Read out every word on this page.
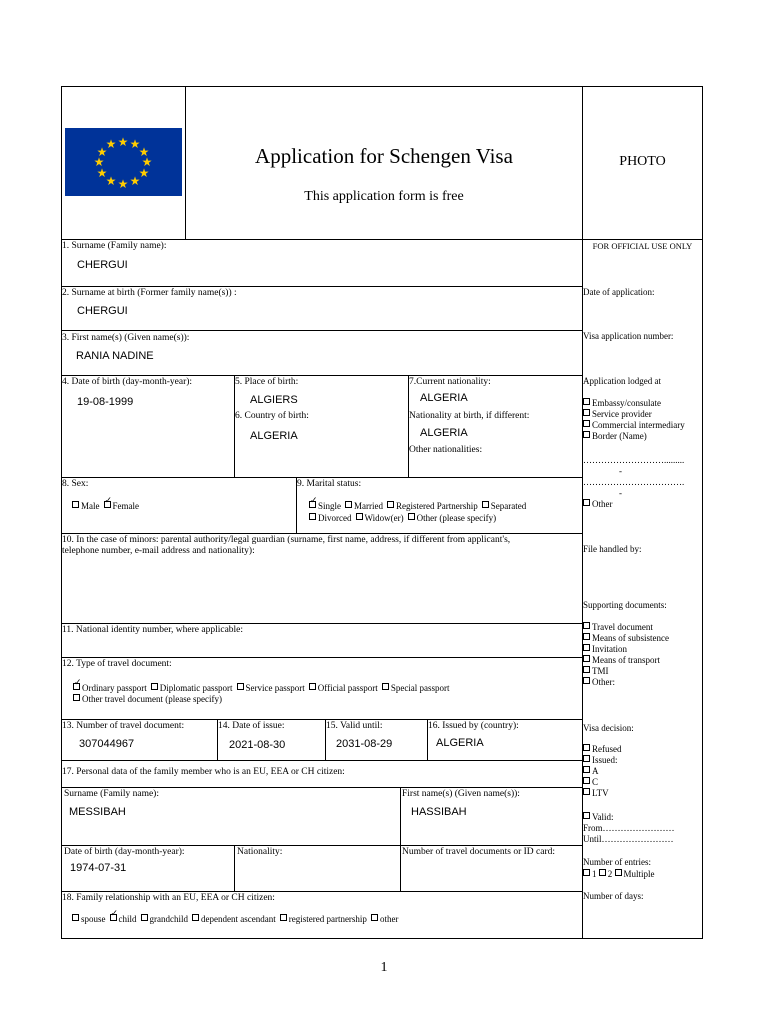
★ ★
★
★
★
★
★
★
★
★
★
★	Application for Schengen Visa
This application form is free
PHOTO
1. Surname (Family name):
CHERGUI
2. Surname at birth (Former family name(s)) :
CHERGUI
3. First name(s) (Given name(s)):
RANIA NADINE
4. Date of birth (day-month-year):
19-08-1999
5. Place of birth:
ALGIERS
6. Country of birth:
ALGERIA
7.Current nationality:
ALGERIA
Nationality at birth, if different:
ALGERIA
Other nationalities:
8. Sex:
Male ✓ Female
9. Marital status:
✓Single Married Registered Partnership Separated
Divorced Widow(er) Other (please specify)
10. In the case of minors: parental authority/legal guardian (surname, first name, address, if different from applicant's,
telephone number, e-mail address and nationality):
11. National identity number, where applicable:
12. Type of travel document:
✓Ordinary passport Diplomatic passport Service passport Official passport Special passport
Other travel document (please specify)
13. Number of travel document:
307044967
14. Date of issue:
2021-08-30
15. Valid until:
2031-08-29
16. Issued by (country):
ALGERIA
17. Personal data of the family member who is an EU, EEA or CH citizen:
Surname (Family name):
MESSIBAH
First name(s) (Given name(s)):
HASSIBAH
Date of birth (day-month-year):
1974-07-31
Nationality:	Number of travel documents or ID card:
18. Family relationship with an EU, EEA or CH citizen:
spouse ✓ child grandchild dependent ascendant registered partnership other
FOR OFFICIAL USE ONLY
Date of application:
Visa application number:
Application lodged at
Embassy/consulate
Service provider
Commercial intermediary
Border (Name)
……………………….........
-
…………………………….
-
Other
File handled by:
Supporting documents:
Travel document
Means of subsistence
Invitation
Means of transport
TMI
Other:
Visa decision:
Refused
Issued:
A
C
LTV
Valid:
From……………………
Until……………………
Number of entries:
1 2 Multiple
Number of days:
1
